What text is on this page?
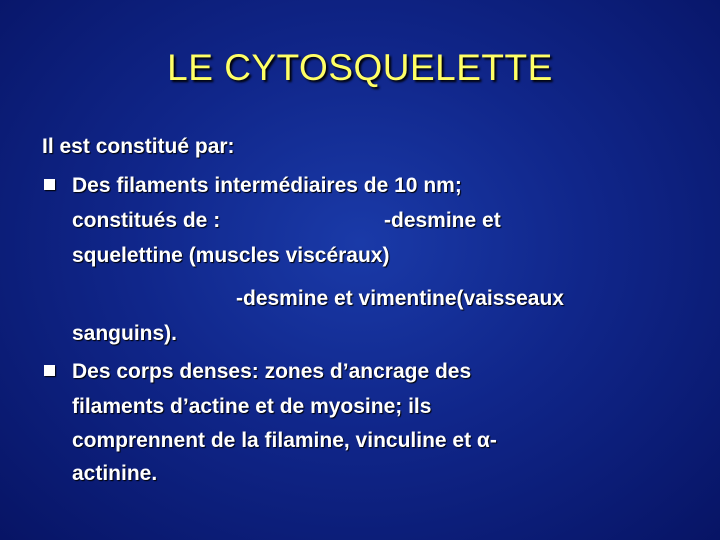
LE CYTOSQUELETTE
Il est constitué par:
Des filaments intermédiaires de 10 nm;
constitués de :	-desmine et
squelettine (muscles viscéraux)
-desmine et vimentine(vaisseaux
sanguins).
Des corps denses: zones d’ancrage des
filaments d’actine et de myosine; ils
comprennent de la filamine, vinculine et α-
actinine.
